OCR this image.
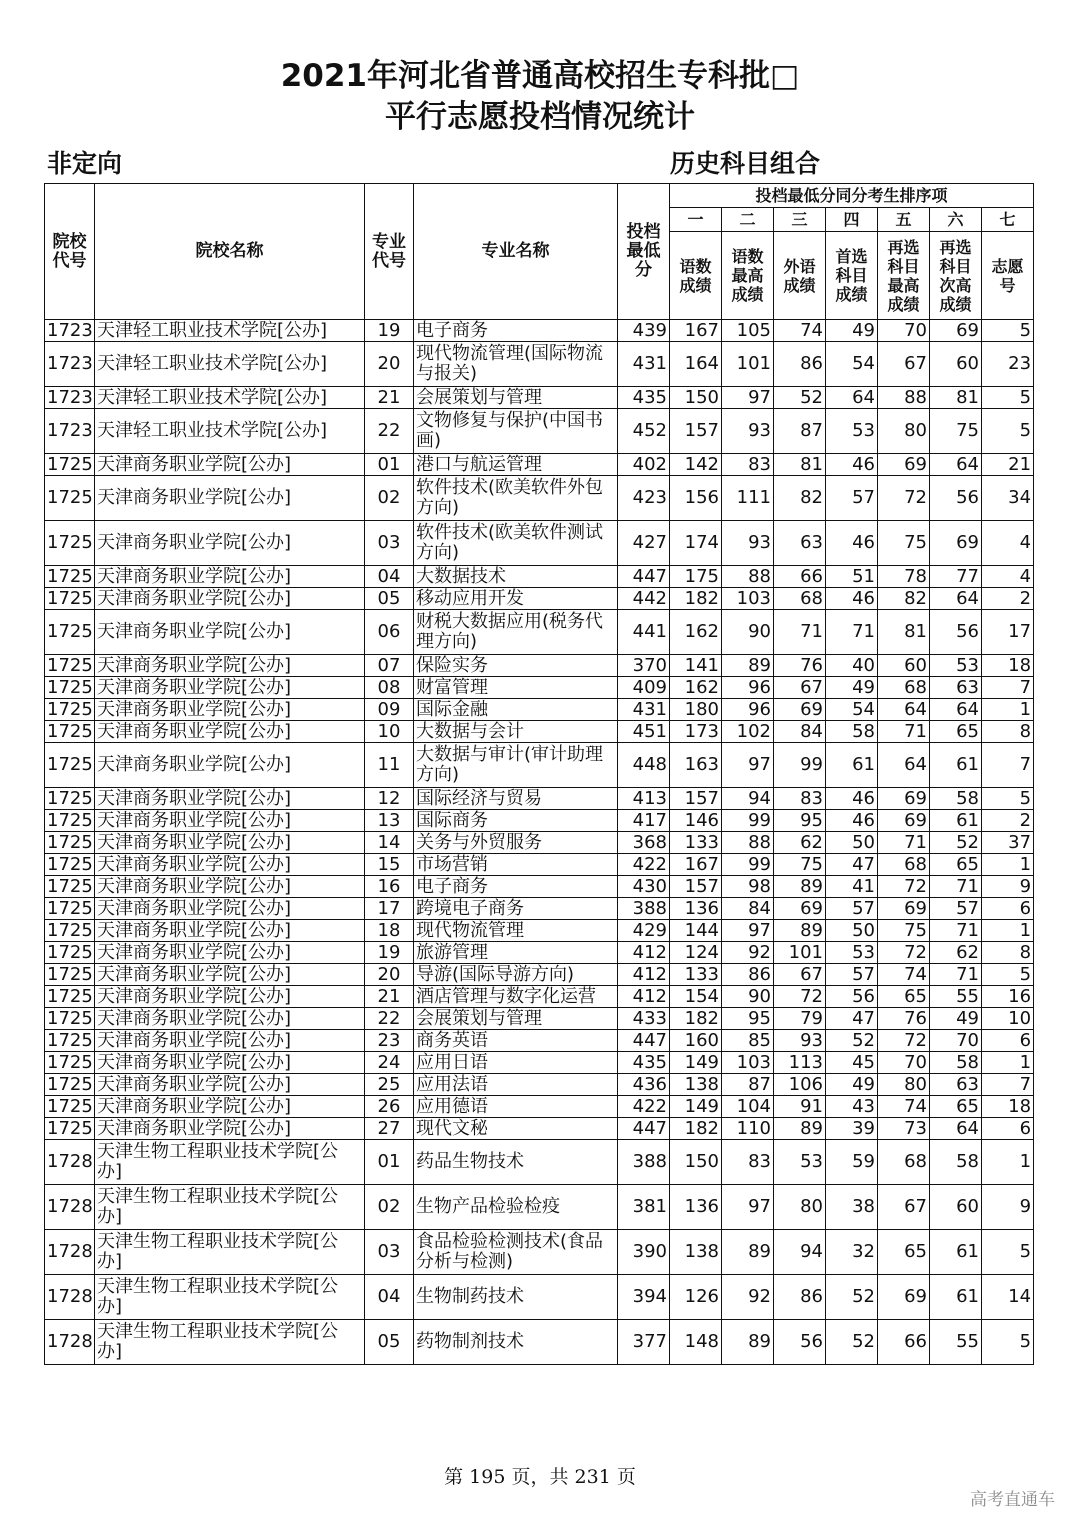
2021年河北省普通高校招生专科批□
平行志愿投档情况统计
非定向	历史科目组合
院校代号	院校名称	专业代号	专业名称	投档最低分	投档最低分同分考生排序项						
					一	二	三	四	五	六	七
					语数成绩	语数最高成绩	外语成绩	首选科目成绩	再选科目最高成绩	再选科目次高成绩	志愿号
1723	天津轻工职业技术学院[公办]	19	电子商务	439	167	105	74	49	70	69	5
1723	天津轻工职业技术学院[公办]	20	现代物流管理(国际物流与报关)	431	164	101	86	54	67	60	23
1723	天津轻工职业技术学院[公办]	21	会展策划与管理	435	150	97	52	64	88	81	5
1723	天津轻工职业技术学院[公办]	22	文物修复与保护(中国书画)	452	157	93	87	53	80	75	5
1725	天津商务职业学院[公办]	01	港口与航运管理	402	142	83	81	46	69	64	21
1725	天津商务职业学院[公办]	02	软件技术(欧美软件外包方向)	423	156	111	82	57	72	56	34
1725	天津商务职业学院[公办]	03	软件技术(欧美软件测试方向)	427	174	93	63	46	75	69	4
1725	天津商务职业学院[公办]	04	大数据技术	447	175	88	66	51	78	77	4
1725	天津商务职业学院[公办]	05	移动应用开发	442	182	103	68	46	82	64	2
1725	天津商务职业学院[公办]	06	财税大数据应用(税务代理方向)	441	162	90	71	71	81	56	17
1725	天津商务职业学院[公办]	07	保险实务	370	141	89	76	40	60	53	18
1725	天津商务职业学院[公办]	08	财富管理	409	162	96	67	49	68	63	7
1725	天津商务职业学院[公办]	09	国际金融	431	180	96	69	54	64	64	1
1725	天津商务职业学院[公办]	10	大数据与会计	451	173	102	84	58	71	65	8
1725	天津商务职业学院[公办]	11	大数据与审计(审计助理方向)	448	163	97	99	61	64	61	7
1725	天津商务职业学院[公办]	12	国际经济与贸易	413	157	94	83	46	69	58	5
1725	天津商务职业学院[公办]	13	国际商务	417	146	99	95	46	69	61	2
1725	天津商务职业学院[公办]	14	关务与外贸服务	368	133	88	62	50	71	52	37
1725	天津商务职业学院[公办]	15	市场营销	422	167	99	75	47	68	65	1
1725	天津商务职业学院[公办]	16	电子商务	430	157	98	89	41	72	71	9
1725	天津商务职业学院[公办]	17	跨境电子商务	388	136	84	69	57	69	57	6
1725	天津商务职业学院[公办]	18	现代物流管理	429	144	97	89	50	75	71	1
1725	天津商务职业学院[公办]	19	旅游管理	412	124	92	101	53	72	62	8
1725	天津商务职业学院[公办]	20	导游(国际导游方向)	412	133	86	67	57	74	71	5
1725	天津商务职业学院[公办]	21	酒店管理与数字化运营	412	154	90	72	56	65	55	16
1725	天津商务职业学院[公办]	22	会展策划与管理	433	182	95	79	47	76	49	10
1725	天津商务职业学院[公办]	23	商务英语	447	160	85	93	52	72	70	6
1725	天津商务职业学院[公办]	24	应用日语	435	149	103	113	45	70	58	1
1725	天津商务职业学院[公办]	25	应用法语	436	138	87	106	49	80	63	7
1725	天津商务职业学院[公办]	26	应用德语	422	149	104	91	43	74	65	18
1725	天津商务职业学院[公办]	27	现代文秘	447	182	110	89	39	73	64	6
1728	天津生物工程职业技术学院[公办]	01	药品生物技术	388	150	83	53	59	68	58	1
1728	天津生物工程职业技术学院[公办]	02	生物产品检验检疫	381	136	97	80	38	67	60	9
1728	天津生物工程职业技术学院[公办]	03	食品检验检测技术(食品分析与检测)	390	138	89	94	32	65	61	5
1728	天津生物工程职业技术学院[公办]	04	生物制药技术	394	126	92	86	52	69	61	14
1728	天津生物工程职业技术学院[公办]	05	药物制剂技术	377	148	89	56	52	66	55	5
第 195 页，共 231 页
高考直通车
